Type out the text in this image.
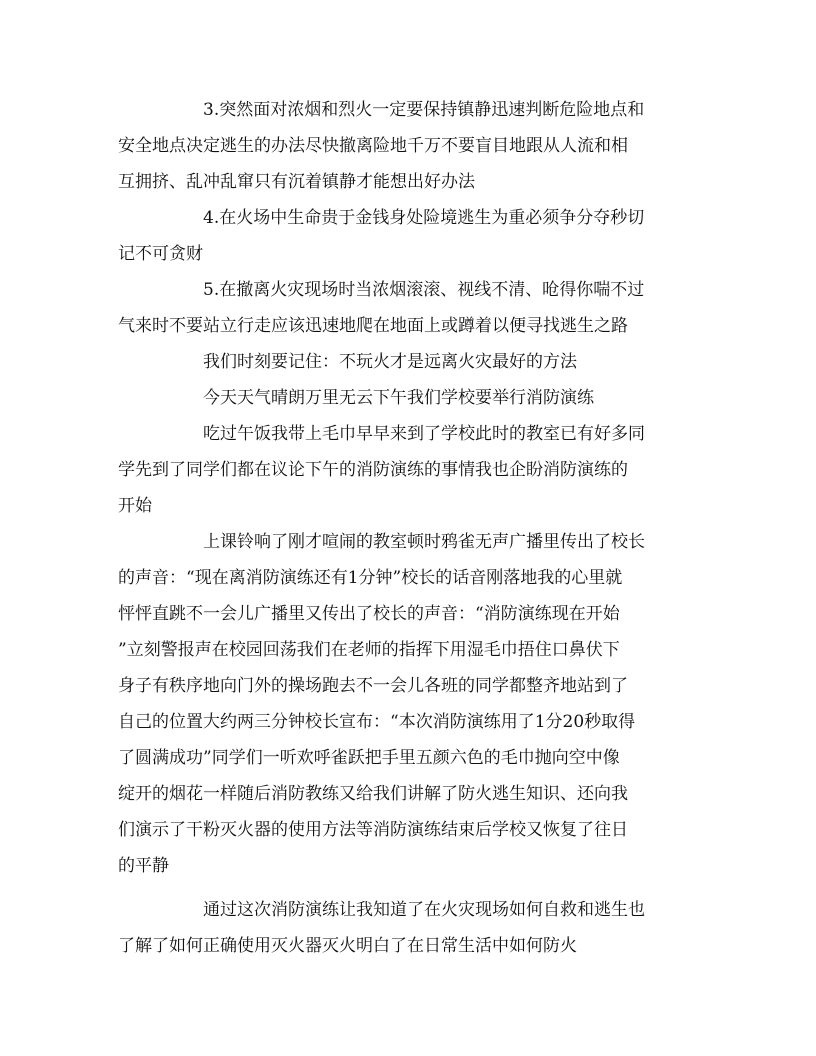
3.突然面对浓烟和烈火一定要保持镇静迅速判断危险地点和

安全地点决定逃生的办法尽快撤离险地千万不要盲目地跟从人流和相

互拥挤、乱冲乱窜只有沉着镇静才能想出好办法

4.在火场中生命贵于金钱身处险境逃生为重必须争分夺秒切

记不可贪财

5.在撤离火灾现场时当浓烟滚滚、视线不清、呛得你喘不过

气来时不要站立行走应该迅速地爬在地面上或蹲着以便寻找逃生之路

我们时刻要记住：不玩火才是远离火灾最好的方法

今天天气晴朗万里无云下午我们学校要举行消防演练

吃过午饭我带上毛巾早早来到了学校此时的教室已有好多同

学先到了同学们都在议论下午的消防演练的事情我也企盼消防演练的

开始

上课铃响了刚才喧闹的教室顿时鸦雀无声广播里传出了校长

的声音：“现在离消防演练还有1分钟”校长的话音刚落地我的心里就

怦怦直跳不一会儿广播里又传出了校长的声音：“消防演练现在开始

”立刻警报声在校园回荡我们在老师的指挥下用湿毛巾捂住口鼻伏下

身子有秩序地向门外的操场跑去不一会儿各班的同学都整齐地站到了

自己的位置大约两三分钟校长宣布：“本次消防演练用了1分20秒取得

了圆满成功”同学们一听欢呼雀跃把手里五颜六色的毛巾抛向空中像

绽开的烟花一样随后消防教练又给我们讲解了防火逃生知识、还向我

们演示了干粉灭火器的使用方法等消防演练结束后学校又恢复了往日

的平静

通过这次消防演练让我知道了在火灾现场如何自救和逃生也

了解了如何正确使用灭火器灭火明白了在日常生活中如何防火
